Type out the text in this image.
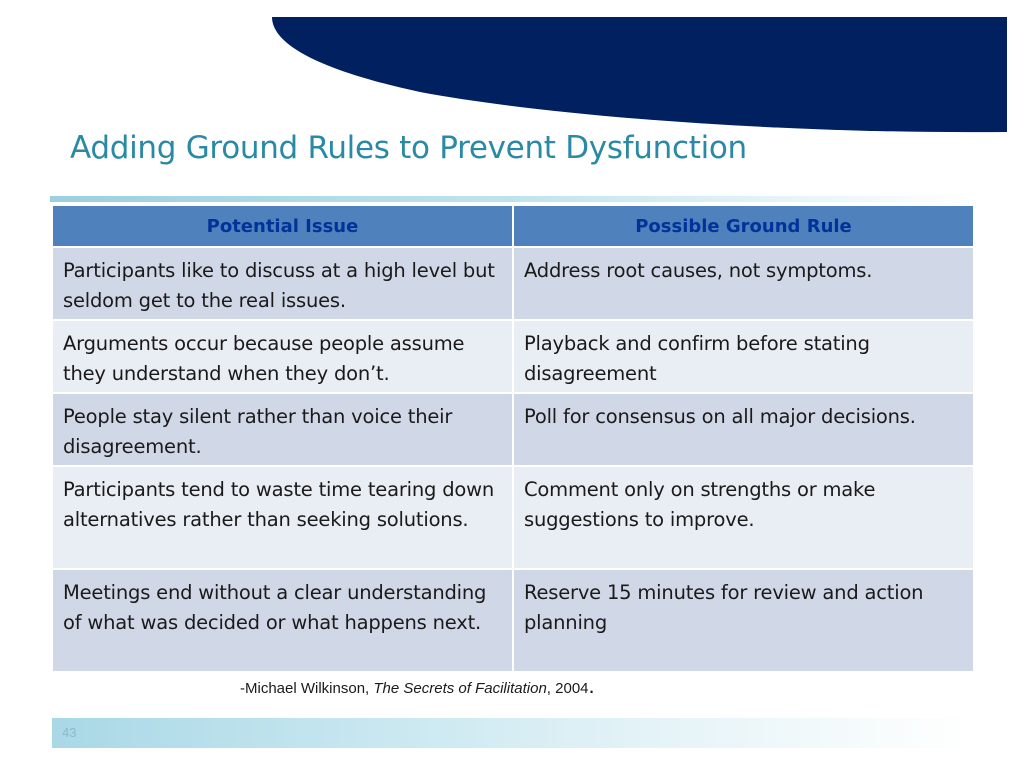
Adding Ground Rules to Prevent Dysfunction
Potential Issue	Possible Ground Rule
Participants like to discuss at a high level but seldom get to the real issues.	Address root causes, not symptoms.
Arguments occur because people assume they understand when they don’t.	Playback and confirm before stating disagreement
People stay silent rather than voice their disagreement.	Poll for consensus on all major decisions.
Participants tend to waste time tearing down alternatives rather than seeking solutions.	Comment only on strengths or make suggestions to improve.
Meetings end without a clear understanding of what was decided or what happens next.	Reserve 15 minutes for review and action planning
-Michael Wilkinson, The Secrets of Facilitation, 2004.
43
